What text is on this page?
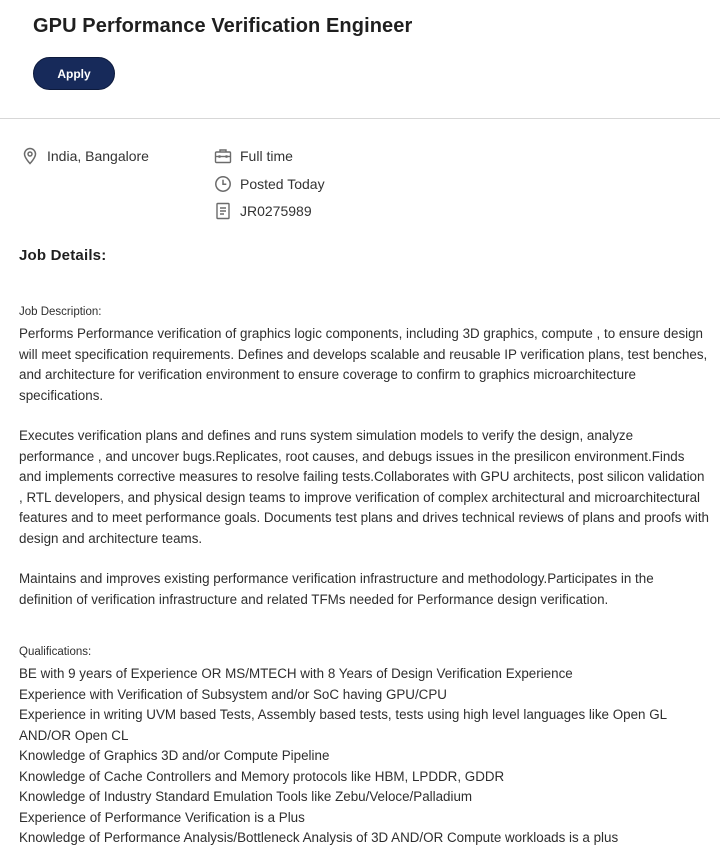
GPU Performance Verification Engineer
Apply
India, Bangalore	Full time
Posted Today
JR0275989
Job Details:
Job Description:

Performs Performance verification of graphics logic components, including 3D graphics, compute , to ensure design will meet specification requirements. Defines and develops scalable and reusable IP verification plans, test benches, and architecture for verification environment to ensure coverage to confirm to graphics microarchitecture specifications.

Executes verification plans and defines and runs system simulation models to verify the design, analyze performance , and uncover bugs.Replicates, root causes, and debugs issues in the presilicon environment.Finds and implements corrective measures to resolve failing tests.Collaborates with GPU architects, post silicon validation , RTL developers, and physical design teams to improve verification of complex architectural and microarchitectural features and to meet performance goals. Documents test plans and drives technical reviews of plans and proofs with design and architecture teams.

Maintains and improves existing performance verification infrastructure and methodology.Participates in the definition of verification infrastructure and related TFMs needed for Performance design verification.

Qualifications:
BE with 9 years of Experience OR MS/MTECH with 8 Years of Design Verification Experience
Experience with Verification of Subsystem and/or SoC having GPU/CPU
Experience in writing UVM based Tests, Assembly based tests, tests using high level languages like Open GL AND/OR Open CL
Knowledge of Graphics 3D and/or Compute Pipeline
Knowledge of Cache Controllers and Memory protocols like HBM, LPDDR, GDDR
Knowledge of Industry Standard Emulation Tools like Zebu/Veloce/Palladium
Experience of Performance Verification is a Plus
Knowledge of Performance Analysis/Bottleneck Analysis of 3D AND/OR Compute workloads is a plus
